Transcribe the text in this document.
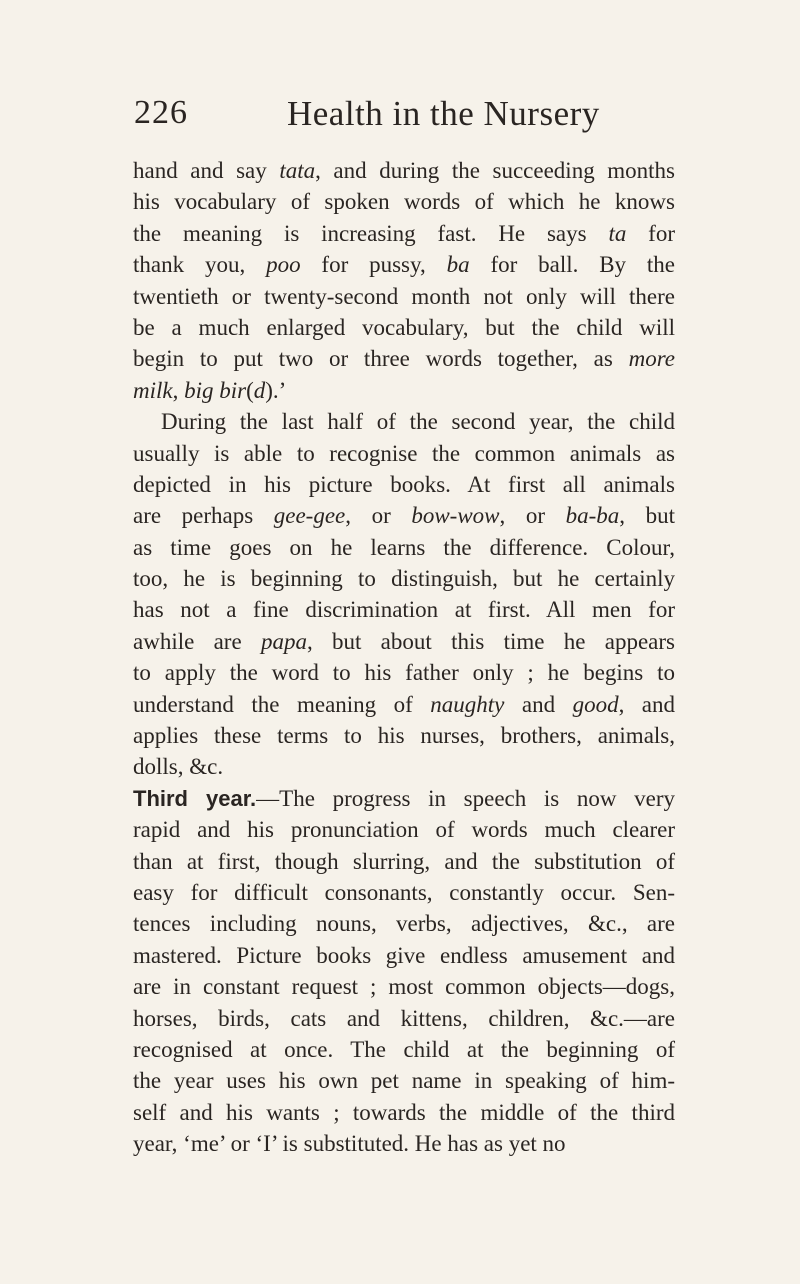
226	Health in the Nursery
hand and say tata, and during the succeeding months
his vocabulary of spoken words of which he knows
the meaning is increasing fast. He says ta for
thank you, poo for pussy, ba for ball. By the
twentieth or twenty-second month not only will there
be a much enlarged vocabulary, but the child will
begin to put two or three words together, as more
milk, big bir(d).’
During the last half of the second year, the child
usually is able to recognise the common animals as
depicted in his picture books. At first all animals
are perhaps gee-gee, or bow-wow, or ba-ba, but
as time goes on he learns the difference. Colour,
too, he is beginning to distinguish, but he certainly
has not a fine discrimination at first. All men for
awhile are papa, but about this time he appears
to apply the word to his father only ; he begins to
understand the meaning of naughty and good, and
applies these terms to his nurses, brothers, animals,
dolls, &c.
Third year.—The progress in speech is now very
rapid and his pronunciation of words much clearer
than at first, though slurring, and the substitution of
easy for difficult consonants, constantly occur. Sen-
tences including nouns, verbs, adjectives, &c., are
mastered. Picture books give endless amusement and
are in constant request ; most common objects—dogs,
horses, birds, cats and kittens, children, &c.—are
recognised at once. The child at the beginning of
the year uses his own pet name in speaking of him-
self and his wants ; towards the middle of the third
year, ‘me’ or ‘I’ is substituted. He has as yet no
